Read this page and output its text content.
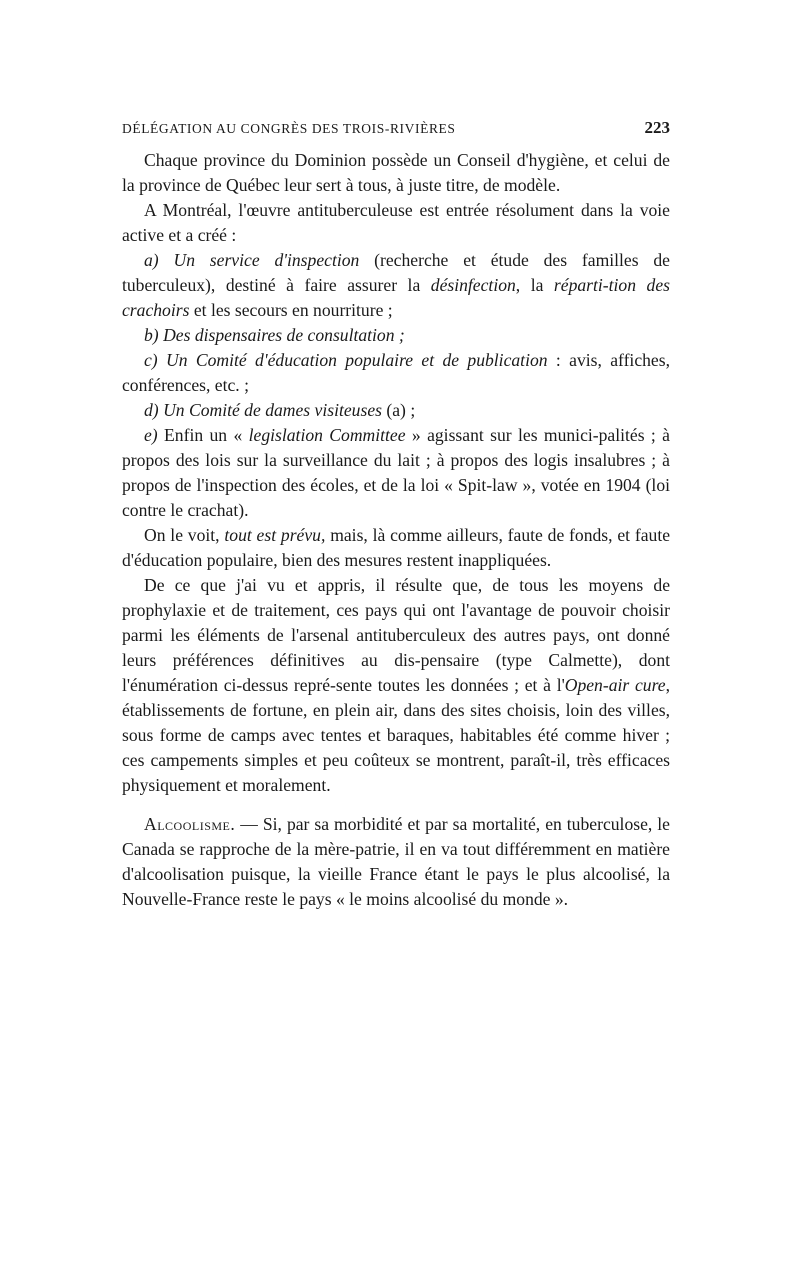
DÉLÉGATION AU CONGRÈS DES TROIS-RIVIÈRES	223

Chaque province du Dominion possède un Conseil d'hygiène, et celui de la province de Québec leur sert à tous, à juste titre, de modèle.

A Montréal, l'œuvre antituberculeuse est entrée résolument dans la voie active et a créé :

a) Un service d'inspection (recherche et étude des familles de tuberculeux), destiné à faire assurer la désinfection, la réparti-tion des crachoirs et les secours en nourriture ;

b) Des dispensaires de consultation ;

c) Un Comité d'éducation populaire et de publication : avis, affiches, conférences, etc. ;

d) Un Comité de dames visiteuses (a) ;

e) Enfin un « legislation Committee » agissant sur les munici-palités ; à propos des lois sur la surveillance du lait ; à propos des logis insalubres ; à propos de l'inspection des écoles, et de la loi « Spit-law », votée en 1904 (loi contre le crachat).

On le voit, tout est prévu, mais, là comme ailleurs, faute de fonds, et faute d'éducation populaire, bien des mesures restent inappliquées.

De ce que j'ai vu et appris, il résulte que, de tous les moyens de prophylaxie et de traitement, ces pays qui ont l'avantage de pouvoir choisir parmi les éléments de l'arsenal antituberculeux des autres pays, ont donné leurs préférences définitives au dis-pensaire (type Calmette), dont l'énumération ci-dessus repré-sente toutes les données ; et à l'Open-air cure, établissements de fortune, en plein air, dans des sites choisis, loin des villes, sous forme de camps avec tentes et baraques, habitables été comme hiver ; ces campements simples et peu coûteux se montrent, paraît-il, très efficaces physiquement et moralement.

Alcoolisme. — Si, par sa morbidité et par sa mortalité, en tuberculose, le Canada se rapproche de la mère-patrie, il en va tout différemment en matière d'alcoolisation puisque, la vieille France étant le pays le plus alcoolisé, la Nouvelle-France reste le pays « le moins alcoolisé du monde ».
